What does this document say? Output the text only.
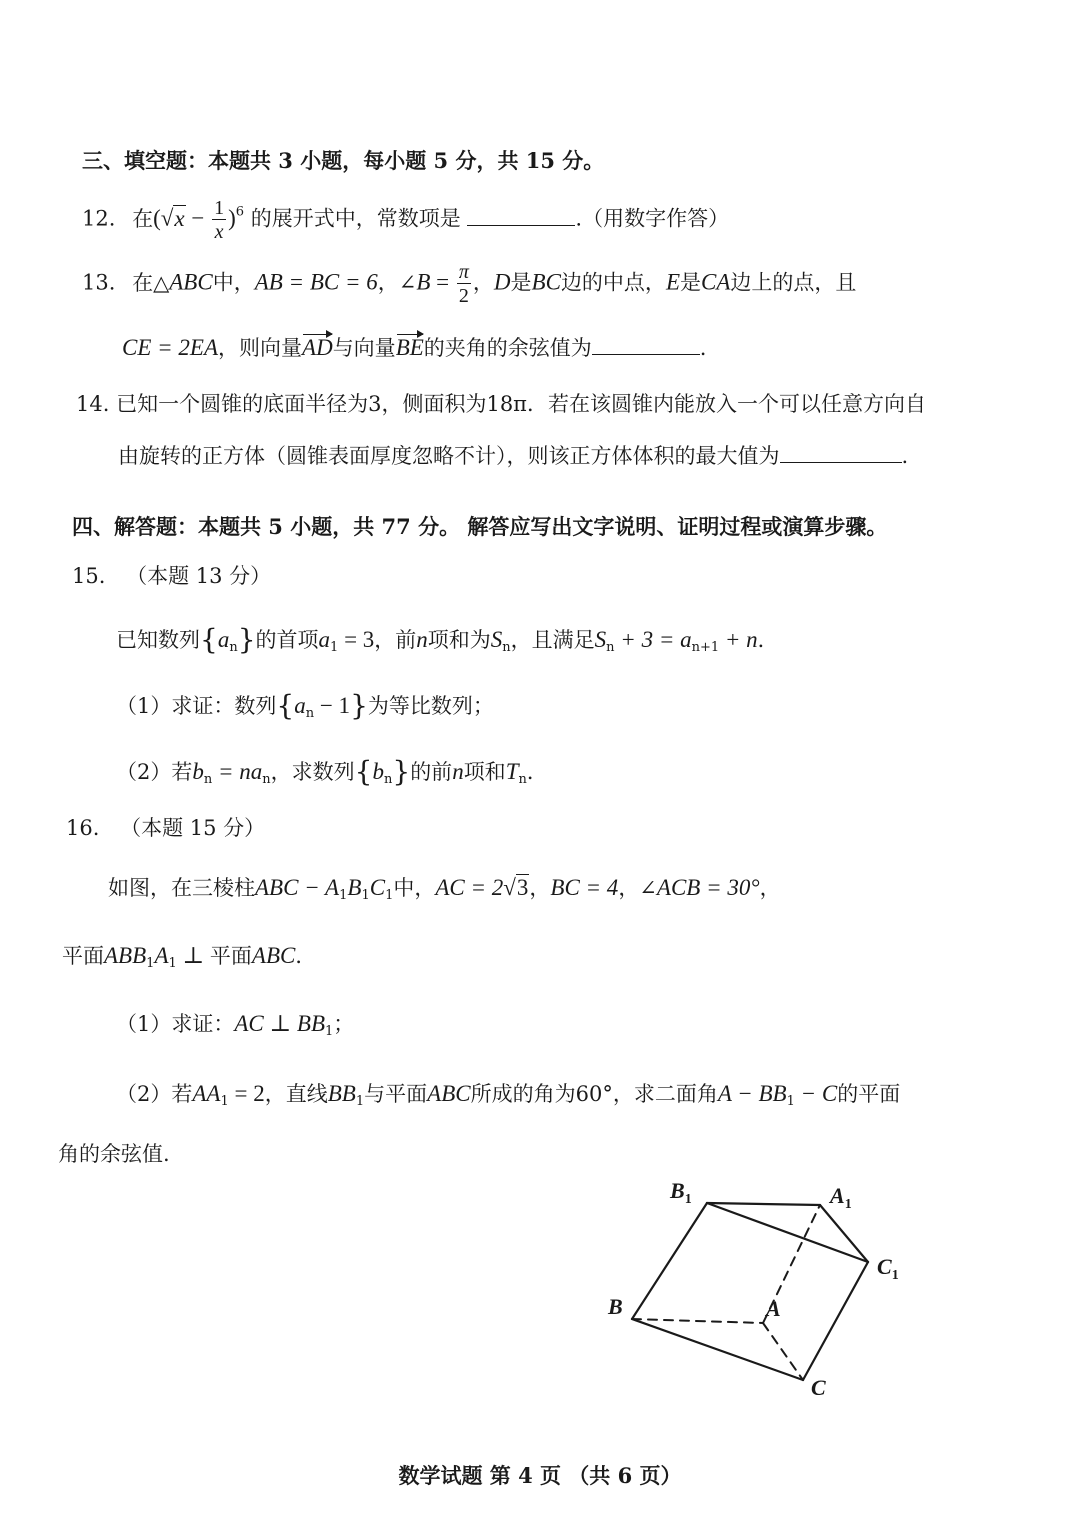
三、填空题：本题共 3 小题，每小题 5 分，共 15 分。
12. 在$(√x - \frac{1}{x} )^6$ 的展开式中，常数项是	.（用数字作答）
13. 在△ABC中，AB = BC = 6，∠B = $\frac{\pi}{2}$ ，D是BC边的中点，E是CA边上的点，且
CE = 2EA，则向量AD与向量BE的夹角的余弦值为	.
14. 已知一个圆锥的底面半径为3，侧面积为18π．若在该圆锥内能放入一个可以任意方向自
由旋转的正方体（圆锥表面厚度忽略不计），则该正方体体积的最大值为	.
四、解答题：本题共 5 小题，共 77 分。 解答应写出文字说明、证明过程或演算步骤。
15. （本题 13 分）
已知数列$\{a_n\}$的首项$a_1 = 3$，前n项和为$S_n$，且满足$S_n + 3 = a_{n+1} + n$．
（1）求证：数列$\{a_n - 1\}$为等比数列；
（2）若$b_n = na_n$，求数列$\{b_n\}$的前n项和$T_n$．
16. （本题 15 分）
如图，在三棱柱ABC − $A_1B_1C_1$中，AC = 2√3，BC = 4，∠ACB = 30°，
平面$ABB_1A_1$ ⊥ 平面ABC．
（1）求证：AC ⊥ $BB_1$；
（2）若$AA_1 = 2$，直线$BB_1$与平面ABC所成的角为60°，求二面角$A - BB_1 - C$的平面
角的余弦值.
$B_1$	$A_1$
$C_1$
B	A
C
数学试题 第 4 页 （共 6 页）
